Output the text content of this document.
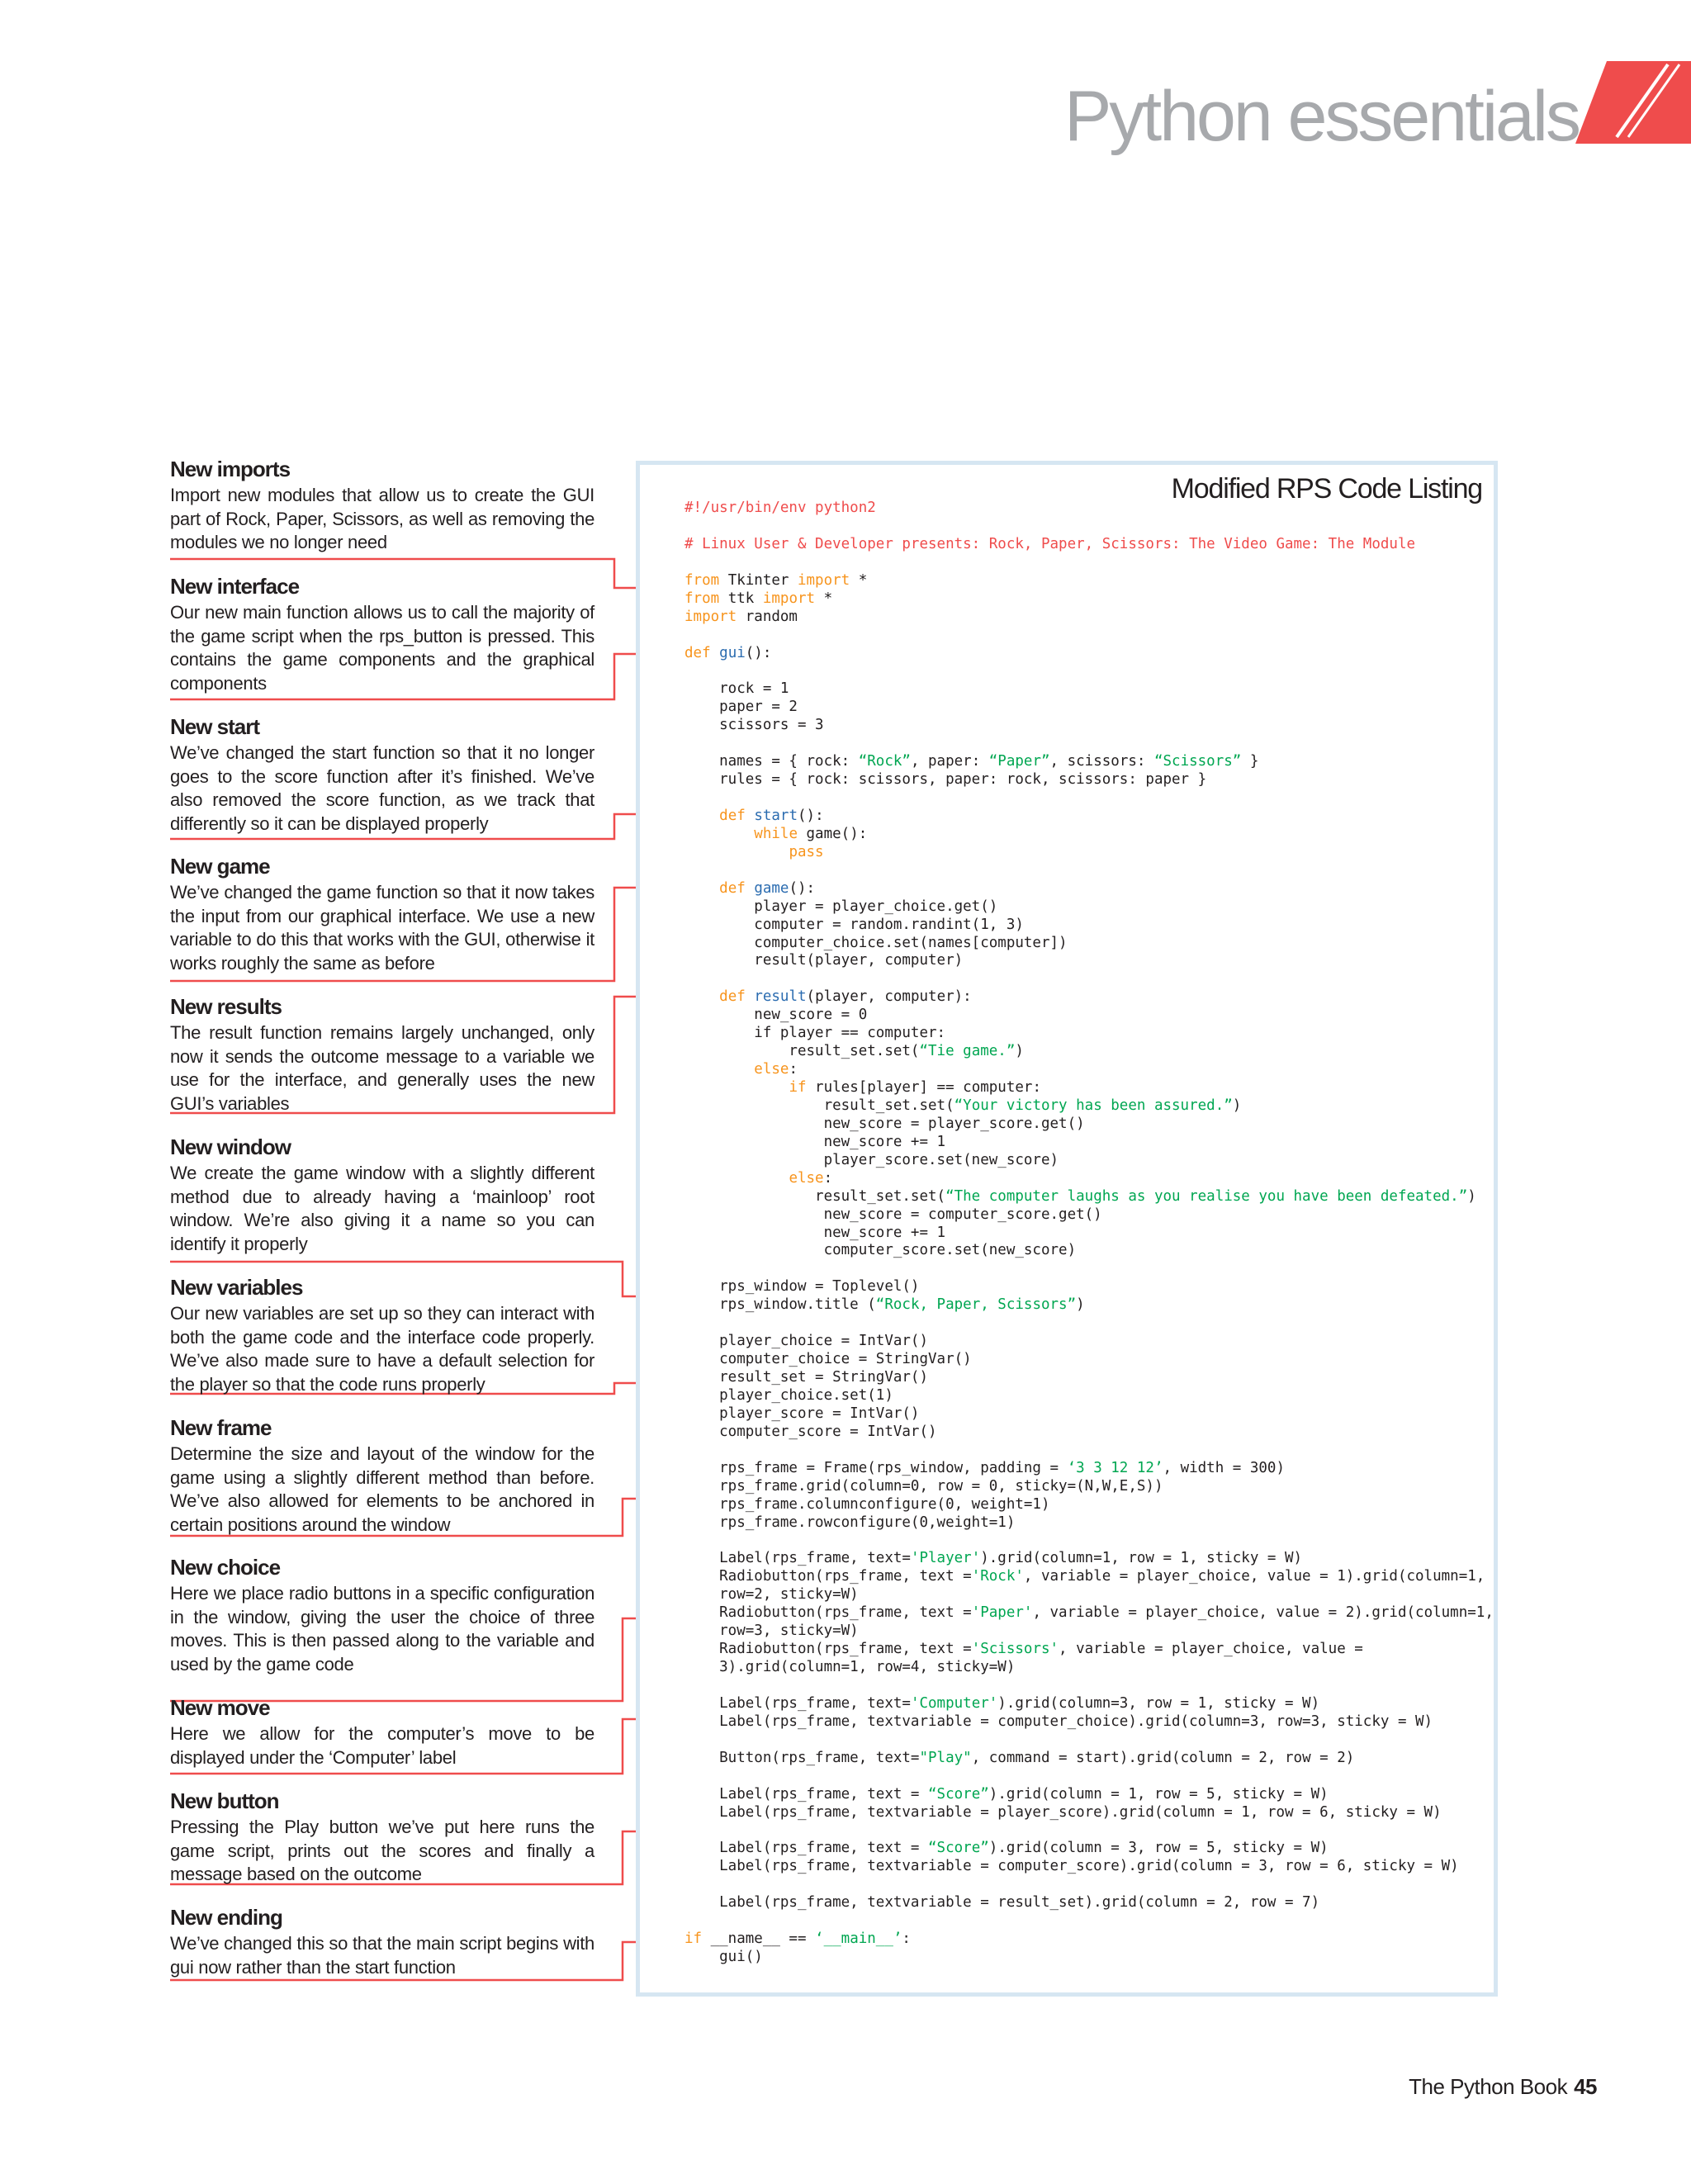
Python essentials
New imports

Import new modules that allow us to create the GUI part of Rock, Paper, Scissors, as well as removing the modules we no longer need

New interface

Our new main function allows us to call the majority of the game script when the rps_button is pressed. This contains the game components and the graphical components

New start

We’ve changed the start function so that it no longer goes to the score function after it’s finished. We’ve also removed the score function, as we track that differently so it can be displayed properly

New game

We’ve changed the game function so that it now takes the input from our graphical interface. We use a new variable to do this that works with the GUI, otherwise it works roughly the same as before

New results

The result function remains largely unchanged, only now it sends the outcome message to a variable we use for the interface, and generally uses the new GUI’s variables

New window

We create the game window with a slightly different method due to already having a ‘mainloop’ root window. We’re also giving it a name so you can identify it properly

New variables

Our new variables are set up so they can interact with both the game code and the interface code properly. We’ve also made sure to have a default selection for the player so that the code runs properly

New frame

Determine the size and layout of the window for the game using a slightly different method than before. We’ve also allowed for elements to be anchored in certain positions around the window

New choice

Here we place radio buttons in a specific configuration in the window, giving the user the choice of three moves. This is then passed along to the variable and used by the game code

New move

Here we allow for the computer’s move to be displayed under the ‘Computer’ label

New button

Pressing the Play button we’ve put here runs the game script, prints out the scores and finally a message based on the outcome

New ending

We’ve changed this so that the main script begins with gui now rather than the start function

Modified RPS Code Listing
#!/usr/bin/env python2
# Linux User & Developer presents: Rock, Paper, Scissors: The Video Game: The Module
from Tkinter import *
from ttk import *
import random
def gui():
rock = 1
paper = 2
scissors = 3
names = { rock: “Rock”, paper: “Paper”, scissors: “Scissors” }
rules = { rock: scissors, paper: rock, scissors: paper }
def start():
while game():
pass
def game():
player = player_choice.get()
computer = random.randint(1, 3)
computer_choice.set(names[computer])
result(player, computer)
def result(player, computer):
new_score = 0
if player == computer:
result_set.set(“Tie game.”)
else:
if rules[player] == computer:
result_set.set(“Your victory has been assured.”)
new_score = player_score.get()
new_score += 1
player_score.set(new_score)
else:
result_set.set(“The computer laughs as you realise you have been defeated.”)
new_score = computer_score.get()
new_score += 1
computer_score.set(new_score)
rps_window = Toplevel()
rps_window.title (“Rock, Paper, Scissors”)
player_choice = IntVar()
computer_choice = StringVar()
result_set = StringVar()
player_choice.set(1)
player_score = IntVar()
computer_score = IntVar()
rps_frame = Frame(rps_window, padding = ‘3 3 12 12’, width = 300)
rps_frame.grid(column=0, row = 0, sticky=(N,W,E,S))
rps_frame.columnconfigure(0, weight=1)
rps_frame.rowconfigure(0,weight=1)
Label(rps_frame, text='Player').grid(column=1, row = 1, sticky = W)
Radiobutton(rps_frame, text ='Rock', variable = player_choice, value = 1).grid(column=1,
row=2, sticky=W)
Radiobutton(rps_frame, text ='Paper', variable = player_choice, value = 2).grid(column=1,
row=3, sticky=W)
Radiobutton(rps_frame, text ='Scissors', variable = player_choice, value =
3).grid(column=1, row=4, sticky=W)
Label(rps_frame, text='Computer').grid(column=3, row = 1, sticky = W)
Label(rps_frame, textvariable = computer_choice).grid(column=3, row=3, sticky = W)
Button(rps_frame, text="Play", command = start).grid(column = 2, row = 2)
Label(rps_frame, text = “Score”).grid(column = 1, row = 5, sticky = W)
Label(rps_frame, textvariable = player_score).grid(column = 1, row = 6, sticky = W)
Label(rps_frame, text = “Score”).grid(column = 3, row = 5, sticky = W)
Label(rps_frame, textvariable = computer_score).grid(column = 3, row = 6, sticky = W)
Label(rps_frame, textvariable = result_set).grid(column = 2, row = 7)
if __name__ == ‘__main__’:
gui()
The Python Book 45
